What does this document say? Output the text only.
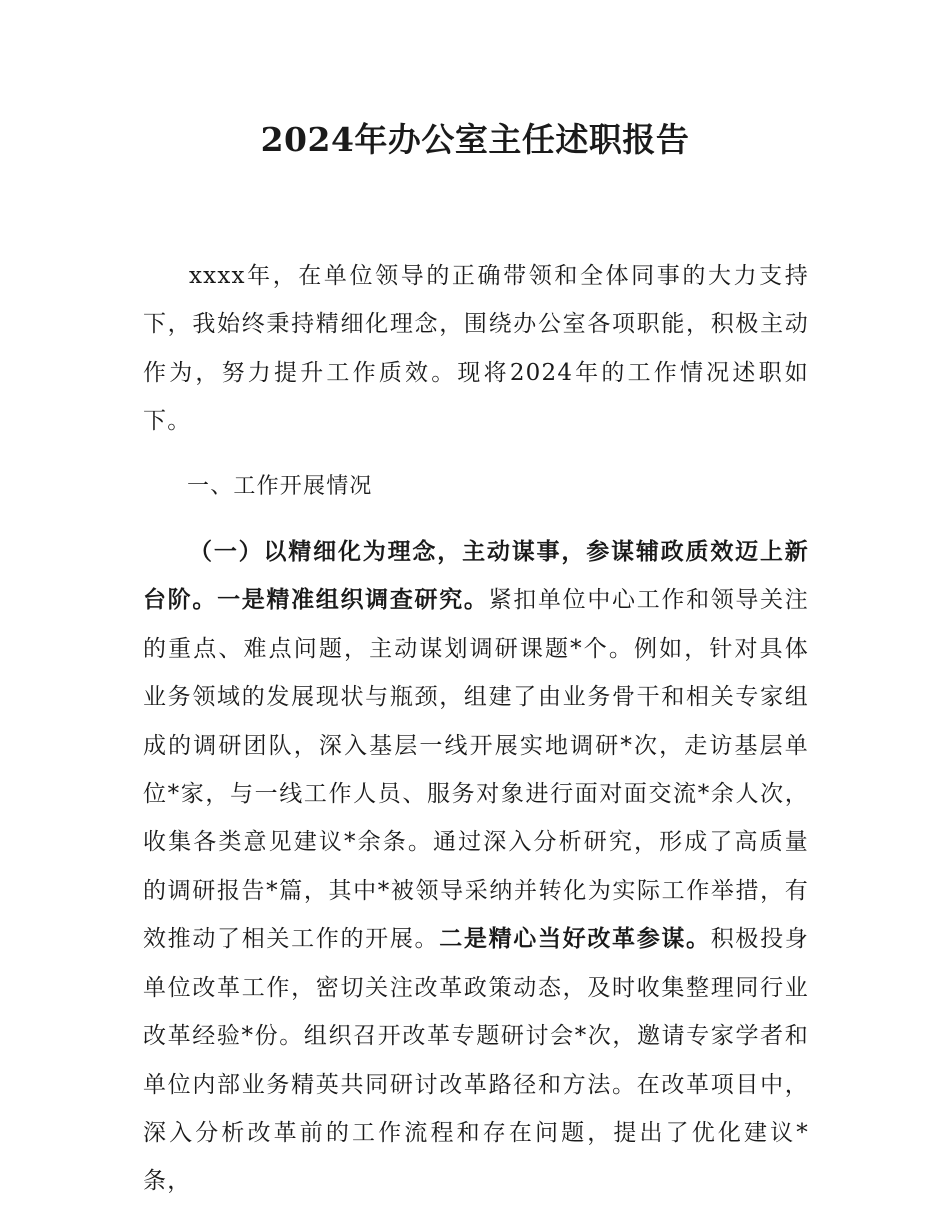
2024年办公室主任述职报告

xxxx年，在单位领导的正确带领和全体同事的大力支持下，我始终秉持精细化理念，围绕办公室各项职能，积极主动作为，努力提升工作质效。现将2024年的工作情况述职如下。

一、工作开展情况

（一）以精细化为理念，主动谋事，参谋辅政质效迈上新台阶。一是精准组织调查研究。紧扣单位中心工作和领导关注的重点、难点问题，主动谋划调研课题*个。例如，针对具体业务领域的发展现状与瓶颈，组建了由业务骨干和相关专家组成的调研团队，深入基层一线开展实地调研*次，走访基层单位*家，与一线工作人员、服务对象进行面对面交流*余人次，收集各类意见建议*余条。通过深入分析研究，形成了高质量的调研报告*篇，其中*被领导采纳并转化为实际工作举措，有效推动了相关工作的开展。二是精心当好改革参谋。积极投身单位改革工作，密切关注改革政策动态，及时收集整理同行业改革经验*份。组织召开改革专题研讨会*次，邀请专家学者和单位内部业务精英共同研讨改革路径和方法。在改革项目中，深入分析改革前的工作流程和存在问题，提出了优化建议*条，
